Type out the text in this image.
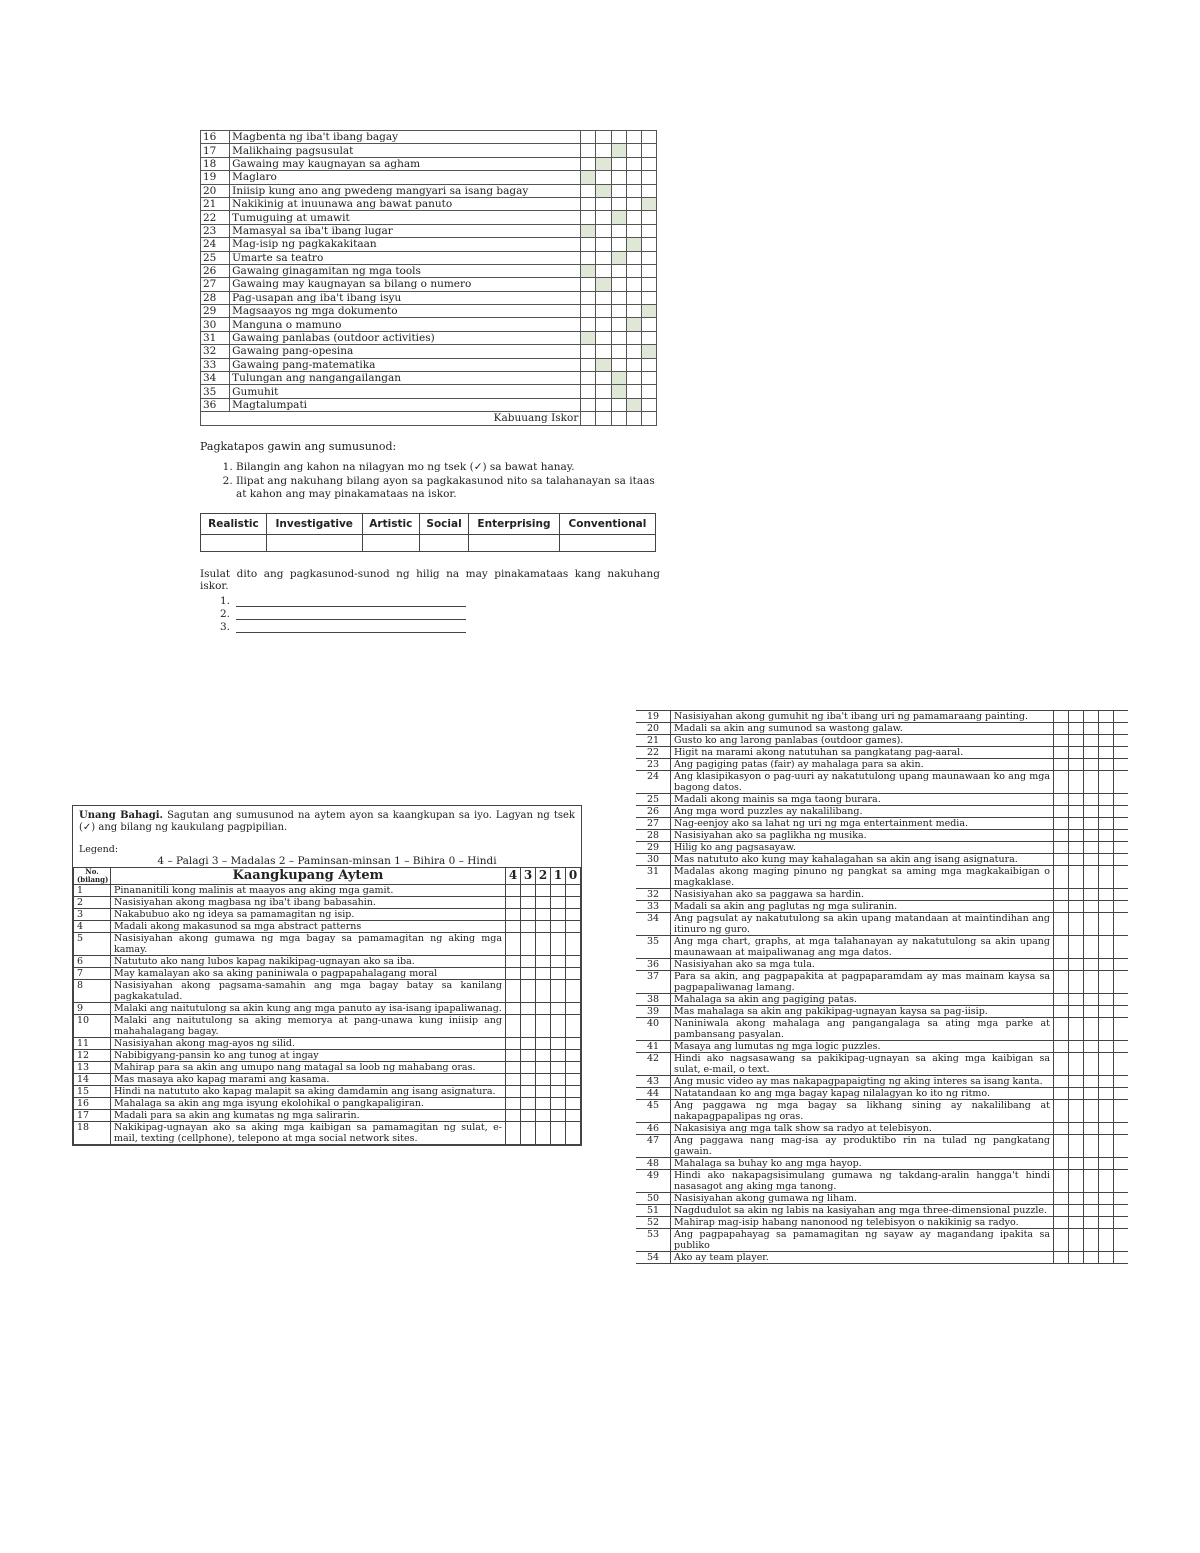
16	Magbenta ng iba't ibang bagay					
17	Malikhaing pagsusulat					
18	Gawaing may kaugnayan sa agham					
19	Maglaro					
20	Iniisip kung ano ang pwedeng mangyari sa isang bagay					
21	Nakikinig at inuunawa ang bawat panuto					
22	Tumuguing at umawit					
23	Mamasyal sa iba't ibang lugar					
24	Mag-isip ng pagkakakitaan					
25	Umarte sa teatro					
26	Gawaing ginagamitan ng mga tools					
27	Gawaing may kaugnayan sa bilang o numero					
28	Pag-usapan ang iba't ibang isyu					
29	Magsaayos ng mga dokumento					
30	Manguna o mamuno					
31	Gawaing panlabas (outdoor activities)					
32	Gawaing pang-opesina					
33	Gawaing pang-matematika					
34	Tulungan ang nangangailangan					
35	Gumuhit					
36	Magtalumpati					
Kabuuang Iskor						
Pagkatapos gawin ang sumusunod:
1. Bilangin ang kahon na nilagyan mo ng tsek (✓) sa bawat hanay.
2. Ilipat ang nakuhang bilang ayon sa pagkakasunod nito sa talahanayan sa itaas at kahon ang may pinakamataas na iskor.
Realistic	Investigative	Artistic	Social	Enterprising	Conventional

Isulat dito ang pagkasunod-sunod ng hilig na may pinakamataas kang nakuhang iskor.
1.
2.
3.
Unang Bahagi. Sagutan ang sumusunod na aytem ayon sa kaangkupan sa iyo. Lagyan ng tsek (✓) ang bilang ng kaukulang pagpipilian.
Legend:
4 – Palagi 3 – Madalas 2 – Paminsan-minsan 1 – Bihira 0 – Hindi
No. (bilang)	Kaangkupang Aytem	4	3	2	1	0
1	Pinananitili kong malinis at maayos ang aking mga gamit.					
2	Nasisiyahan akong magbasa ng iba't ibang babasahin.					
3	Nakabubuo ako ng ideya sa pamamagitan ng isip.					
4	Madali akong makasunod sa mga abstract patterns					
5	Nasisiyahan akong gumawa ng mga bagay sa pamamagitan ng aking mga kamay.					
6	Natututo ako nang lubos kapag nakikipag-ugnayan ako sa iba.					
7	May kamalayan ako sa aking paniniwala o pagpapahalagang moral					
8	Nasisiyahan akong pagsama-samahin ang mga bagay batay sa kanilang pagkakatulad.					
9	Malaki ang naitutulong sa akin kung ang mga panuto ay isa-isang ipapaliwanag.					
10	Malaki ang naitutulong sa aking memorya at pang-unawa kung iniisip ang mahahalagang bagay.					
11	Nasisiyahan akong mag-ayos ng silid.					
12	Nabibigyang-pansin ko ang tunog at ingay					
13	Mahirap para sa akin ang umupo nang matagal sa loob ng mahabang oras.					
14	Mas masaya ako kapag marami ang kasama.					
15	Hindi na natututo ako kapag malapit sa aking damdamin ang isang asignatura.					
16	Mahalaga sa akin ang mga isyung ekolohikal o pangkapaligiran.					
17	Madali para sa akin ang kumatas ng mga salirarin.					
18	Nakikipag-ugnayan ako sa aking mga kaibigan sa pamamagitan ng sulat, e-mail, texting (cellphone), telepono at mga social network sites.					
19	Nasisiyahan akong gumuhit ng iba't ibang uri ng pamamaraang painting.					
20	Madali sa akin ang sumunod sa wastong galaw.					
21	Gusto ko ang larong panlabas (outdoor games).					
22	Higit na marami akong natutuhan sa pangkatang pag-aaral.					
23	Ang pagiging patas (fair) ay mahalaga para sa akin.					
24	Ang klasipikasyon o pag-uuri ay nakatutulong upang maunawaan ko ang mga bagong datos.					
25	Madali akong mainis sa mga taong burara.					
26	Ang mga word puzzles ay nakalilibang.					
27	Nag-eenjoy ako sa lahat ng uri ng mga entertainment media.					
28	Nasisiyahan ako sa paglikha ng musika.					
29	Hilig ko ang pagsasayaw.					
30	Mas natututo ako kung may kahalagahan sa akin ang isang asignatura.					
31	Madalas akong maging pinuno ng pangkat sa aming mga magkakaibigan o magkaklase.					
32	Nasisiyahan ako sa paggawa sa hardin.					
33	Madali sa akin ang paglutas ng mga suliranin.					
34	Ang pagsulat ay nakatutulong sa akin upang matandaan at maintindihan ang itinuro ng guro.					
35	Ang mga chart, graphs, at mga talahanayan ay nakatutulong sa akin upang maunawaan at maipaliwanag ang mga datos.					
36	Nasisiyahan ako sa mga tula.					
37	Para sa akin, ang pagpapakita at pagpaparamdam ay mas mainam kaysa sa pagpapaliwanag lamang.					
38	Mahalaga sa akin ang pagiging patas.					
39	Mas mahalaga sa akin ang pakikipag-ugnayan kaysa sa pag-iisip.					
40	Naniniwala akong mahalaga ang pangangalaga sa ating mga parke at pambansang pasyalan.					
41	Masaya ang lumutas ng mga logic puzzles.					
42	Hindi ako nagsasawang sa pakikipag-ugnayan sa aking mga kaibigan sa sulat, e-mail, o text.					
43	Ang music video ay mas nakapagpapaigting ng aking interes sa isang kanta.					
44	Natatandaan ko ang mga bagay kapag nilalagyan ko ito ng ritmo.					
45	Ang paggawa ng mga bagay sa likhang sining ay nakalilibang at nakapagpapalipas ng oras.					
46	Nakasisiya ang mga talk show sa radyo at telebisyon.					
47	Ang paggawa nang mag-isa ay produktibo rin na tulad ng pangkatang gawain.					
48	Mahalaga sa buhay ko ang mga hayop.					
49	Hindi ako nakapagsisimulang gumawa ng takdang-aralin hangga't hindi nasasagot ang aking mga tanong.					
50	Nasisiyahan akong gumawa ng liham.					
51	Nagdudulot sa akin ng labis na kasiyahan ang mga three-dimensional puzzle.					
52	Mahirap mag-isip habang nanonood ng telebisyon o nakikinig sa radyo.					
53	Ang pagpapahayag sa pamamagitan ng sayaw ay magandang ipakita sa publiko					
54	Ako ay team player.					
